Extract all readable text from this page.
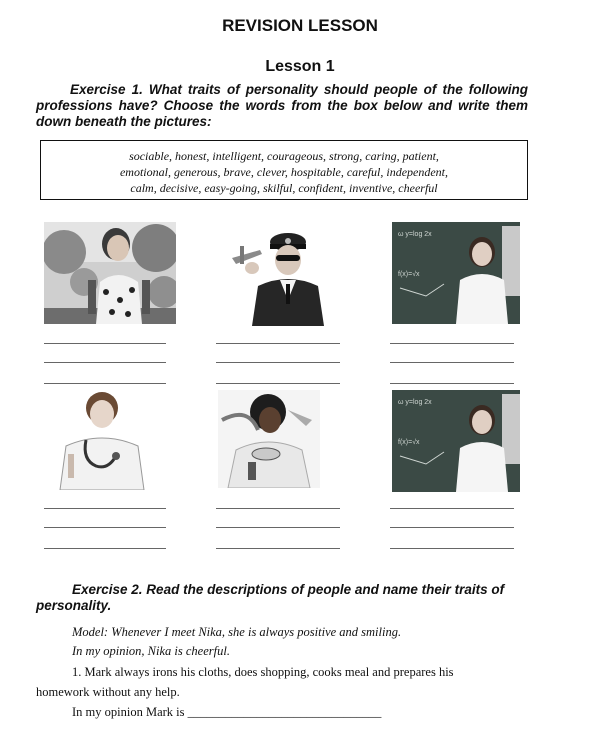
REVISION LESSON
Lesson 1
Exercise 1. What traits of personality should people of the following professions have? Choose the words from the box below and write them down beneath the pictures:
sociable, honest, intelligent, courageous, strong, caring, patient,
emotional, generous, brave, clever, hospitable, careful, independent,
calm, decisive, easy-going, skilful, confident, inventive, cheerful
ω y=log 2x
f(x)=√x
ω y=log 2x
f(x)=√x
Exercise 2. Read the descriptions of people and name their traits of personality.
Model: Whenever I meet Nika, she is always positive and smiling.
In my opinion, Nika is cheerful.
1. Mark always irons his cloths, does shopping, cooks meal and prepares his
homework without any help.
In my opinion Mark is _______________________________
